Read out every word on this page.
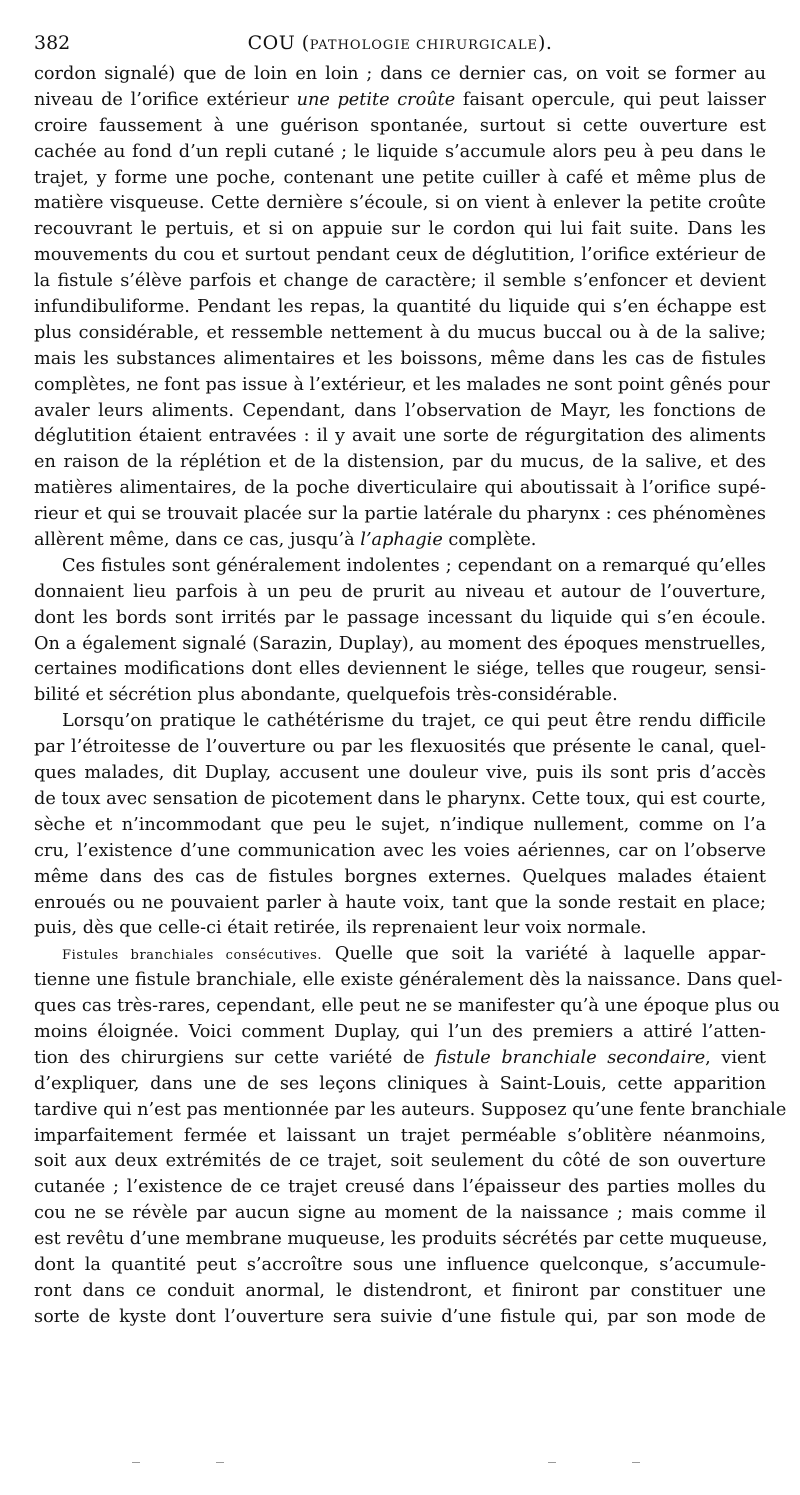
382	COU (PATHOLOGIE CHIRURGICALE).
cordon signalé) que de loin en loin ; dans ce dernier cas, on voit se former au
niveau de l’orifice extérieur une petite croûte faisant opercule, qui peut laisser
croire faussement à une guérison spontanée, surtout si cette ouverture est
cachée au fond d’un repli cutané ; le liquide s’accumule alors peu à peu dans le
trajet, y forme une poche, contenant une petite cuiller à café et même plus de
matière visqueuse. Cette dernière s’écoule, si on vient à enlever la petite croûte
recouvrant le pertuis, et si on appuie sur le cordon qui lui fait suite. Dans les
mouvements du cou et surtout pendant ceux de déglutition, l’orifice extérieur de
la fistule s’élève parfois et change de caractère; il semble s’enfoncer et devient
infundibuliforme. Pendant les repas, la quantité du liquide qui s’en échappe est
plus considérable, et ressemble nettement à du mucus buccal ou à de la salive;
mais les substances alimentaires et les boissons, même dans les cas de fistules
complètes, ne font pas issue à l’extérieur, et les malades ne sont point gênés pour
avaler leurs aliments. Cependant, dans l’observation de Mayr, les fonctions de
déglutition étaient entravées : il y avait une sorte de régurgitation des aliments
en raison de la réplétion et de la distension, par du mucus, de la salive, et des
matières alimentaires, de la poche diverticulaire qui aboutissait à l’orifice supé-
rieur et qui se trouvait placée sur la partie latérale du pharynx : ces phénomènes
allèrent même, dans ce cas, jusqu’à l’aphagie complète.
Ces fistules sont généralement indolentes ; cependant on a remarqué qu’elles
donnaient lieu parfois à un peu de prurit au niveau et autour de l’ouverture,
dont les bords sont irrités par le passage incessant du liquide qui s’en écoule.
On a également signalé (Sarazin, Duplay), au moment des époques menstruelles,
certaines modifications dont elles deviennent le siége, telles que rougeur, sensi-
bilité et sécrétion plus abondante, quelquefois très-considérable.
Lorsqu’on pratique le cathétérisme du trajet, ce qui peut être rendu difficile
par l’étroitesse de l’ouverture ou par les flexuosités que présente le canal, quel-
ques malades, dit Duplay, accusent une douleur vive, puis ils sont pris d’accès
de toux avec sensation de picotement dans le pharynx. Cette toux, qui est courte,
sèche et n’incommodant que peu le sujet, n’indique nullement, comme on l’a
cru, l’existence d’une communication avec les voies aériennes, car on l’observe
même dans des cas de fistules borgnes externes. Quelques malades étaient
enroués ou ne pouvaient parler à haute voix, tant que la sonde restait en place;
puis, dès que celle-ci était retirée, ils reprenaient leur voix normale.
Fistules branchiales consécutives. Quelle que soit la variété à laquelle appar-
tienne une fistule branchiale, elle existe généralement dès la naissance. Dans quel-
ques cas très-rares, cependant, elle peut ne se manifester qu’à une époque plus ou
moins éloignée. Voici comment Duplay, qui l’un des premiers a attiré l’atten-
tion des chirurgiens sur cette variété de fistule branchiale secondaire, vient
d’expliquer, dans une de ses leçons cliniques à Saint-Louis, cette apparition
tardive qui n’est pas mentionnée par les auteurs. Supposez qu’une fente branchiale
imparfaitement fermée et laissant un trajet perméable s’oblitère néanmoins,
soit aux deux extrémités de ce trajet, soit seulement du côté de son ouverture
cutanée ; l’existence de ce trajet creusé dans l’épaisseur des parties molles du
cou ne se révèle par aucun signe au moment de la naissance ; mais comme il
est revêtu d’une membrane muqueuse, les produits sécrétés par cette muqueuse,
dont la quantité peut s’accroître sous une influence quelconque, s’accumule-
ront dans ce conduit anormal, le distendront, et finiront par constituer une
sorte de kyste dont l’ouverture sera suivie d’une fistule qui, par son mode de
